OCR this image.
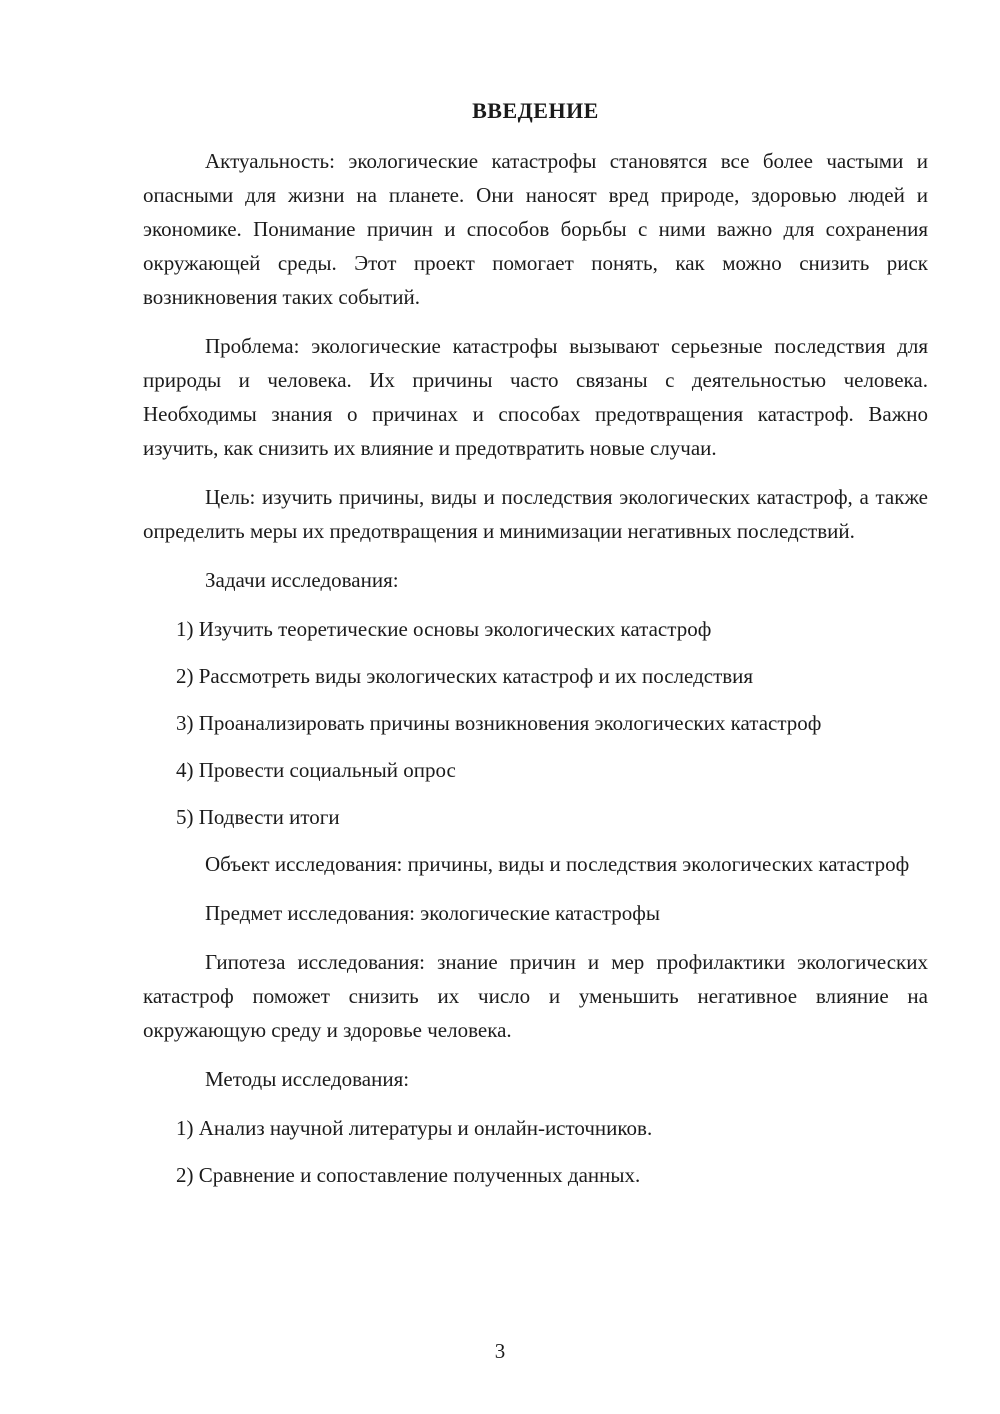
ВВЕДЕНИЕ

Актуальность: экологические катастрофы становятся все более частыми и опасными для жизни на планете. Они наносят вред природе, здоровью людей и экономике. Понимание причин и способов борьбы с ними важно для сохранения окружающей среды. Этот проект помогает понять, как можно снизить риск возникновения таких событий.

Проблема: экологические катастрофы вызывают серьезные последствия для природы и человека. Их причины часто связаны с деятельностью человека. Необходимы знания о причинах и способах предотвращения катастроф. Важно изучить, как снизить их влияние и предотвратить новые случаи.

Цель: изучить причины, виды и последствия экологических катастроф, а также определить меры их предотвращения и минимизации негативных последствий.

Задачи исследования:

1) Изучить теоретические основы экологических катастроф

2) Рассмотреть виды экологических катастроф и их последствия

3) Проанализировать причины возникновения экологических катастроф

4) Провести социальный опрос

5) Подвести итоги

Объект исследования: причины, виды и последствия экологических катастроф

Предмет исследования: экологические катастрофы

Гипотеза исследования: знание причин и мер профилактики экологических катастроф поможет снизить их число и уменьшить негативное влияние на окружающую среду и здоровье человека.

Методы исследования:

1) Анализ научной литературы и онлайн-источников.

2) Сравнение и сопоставление полученных данных.

3
